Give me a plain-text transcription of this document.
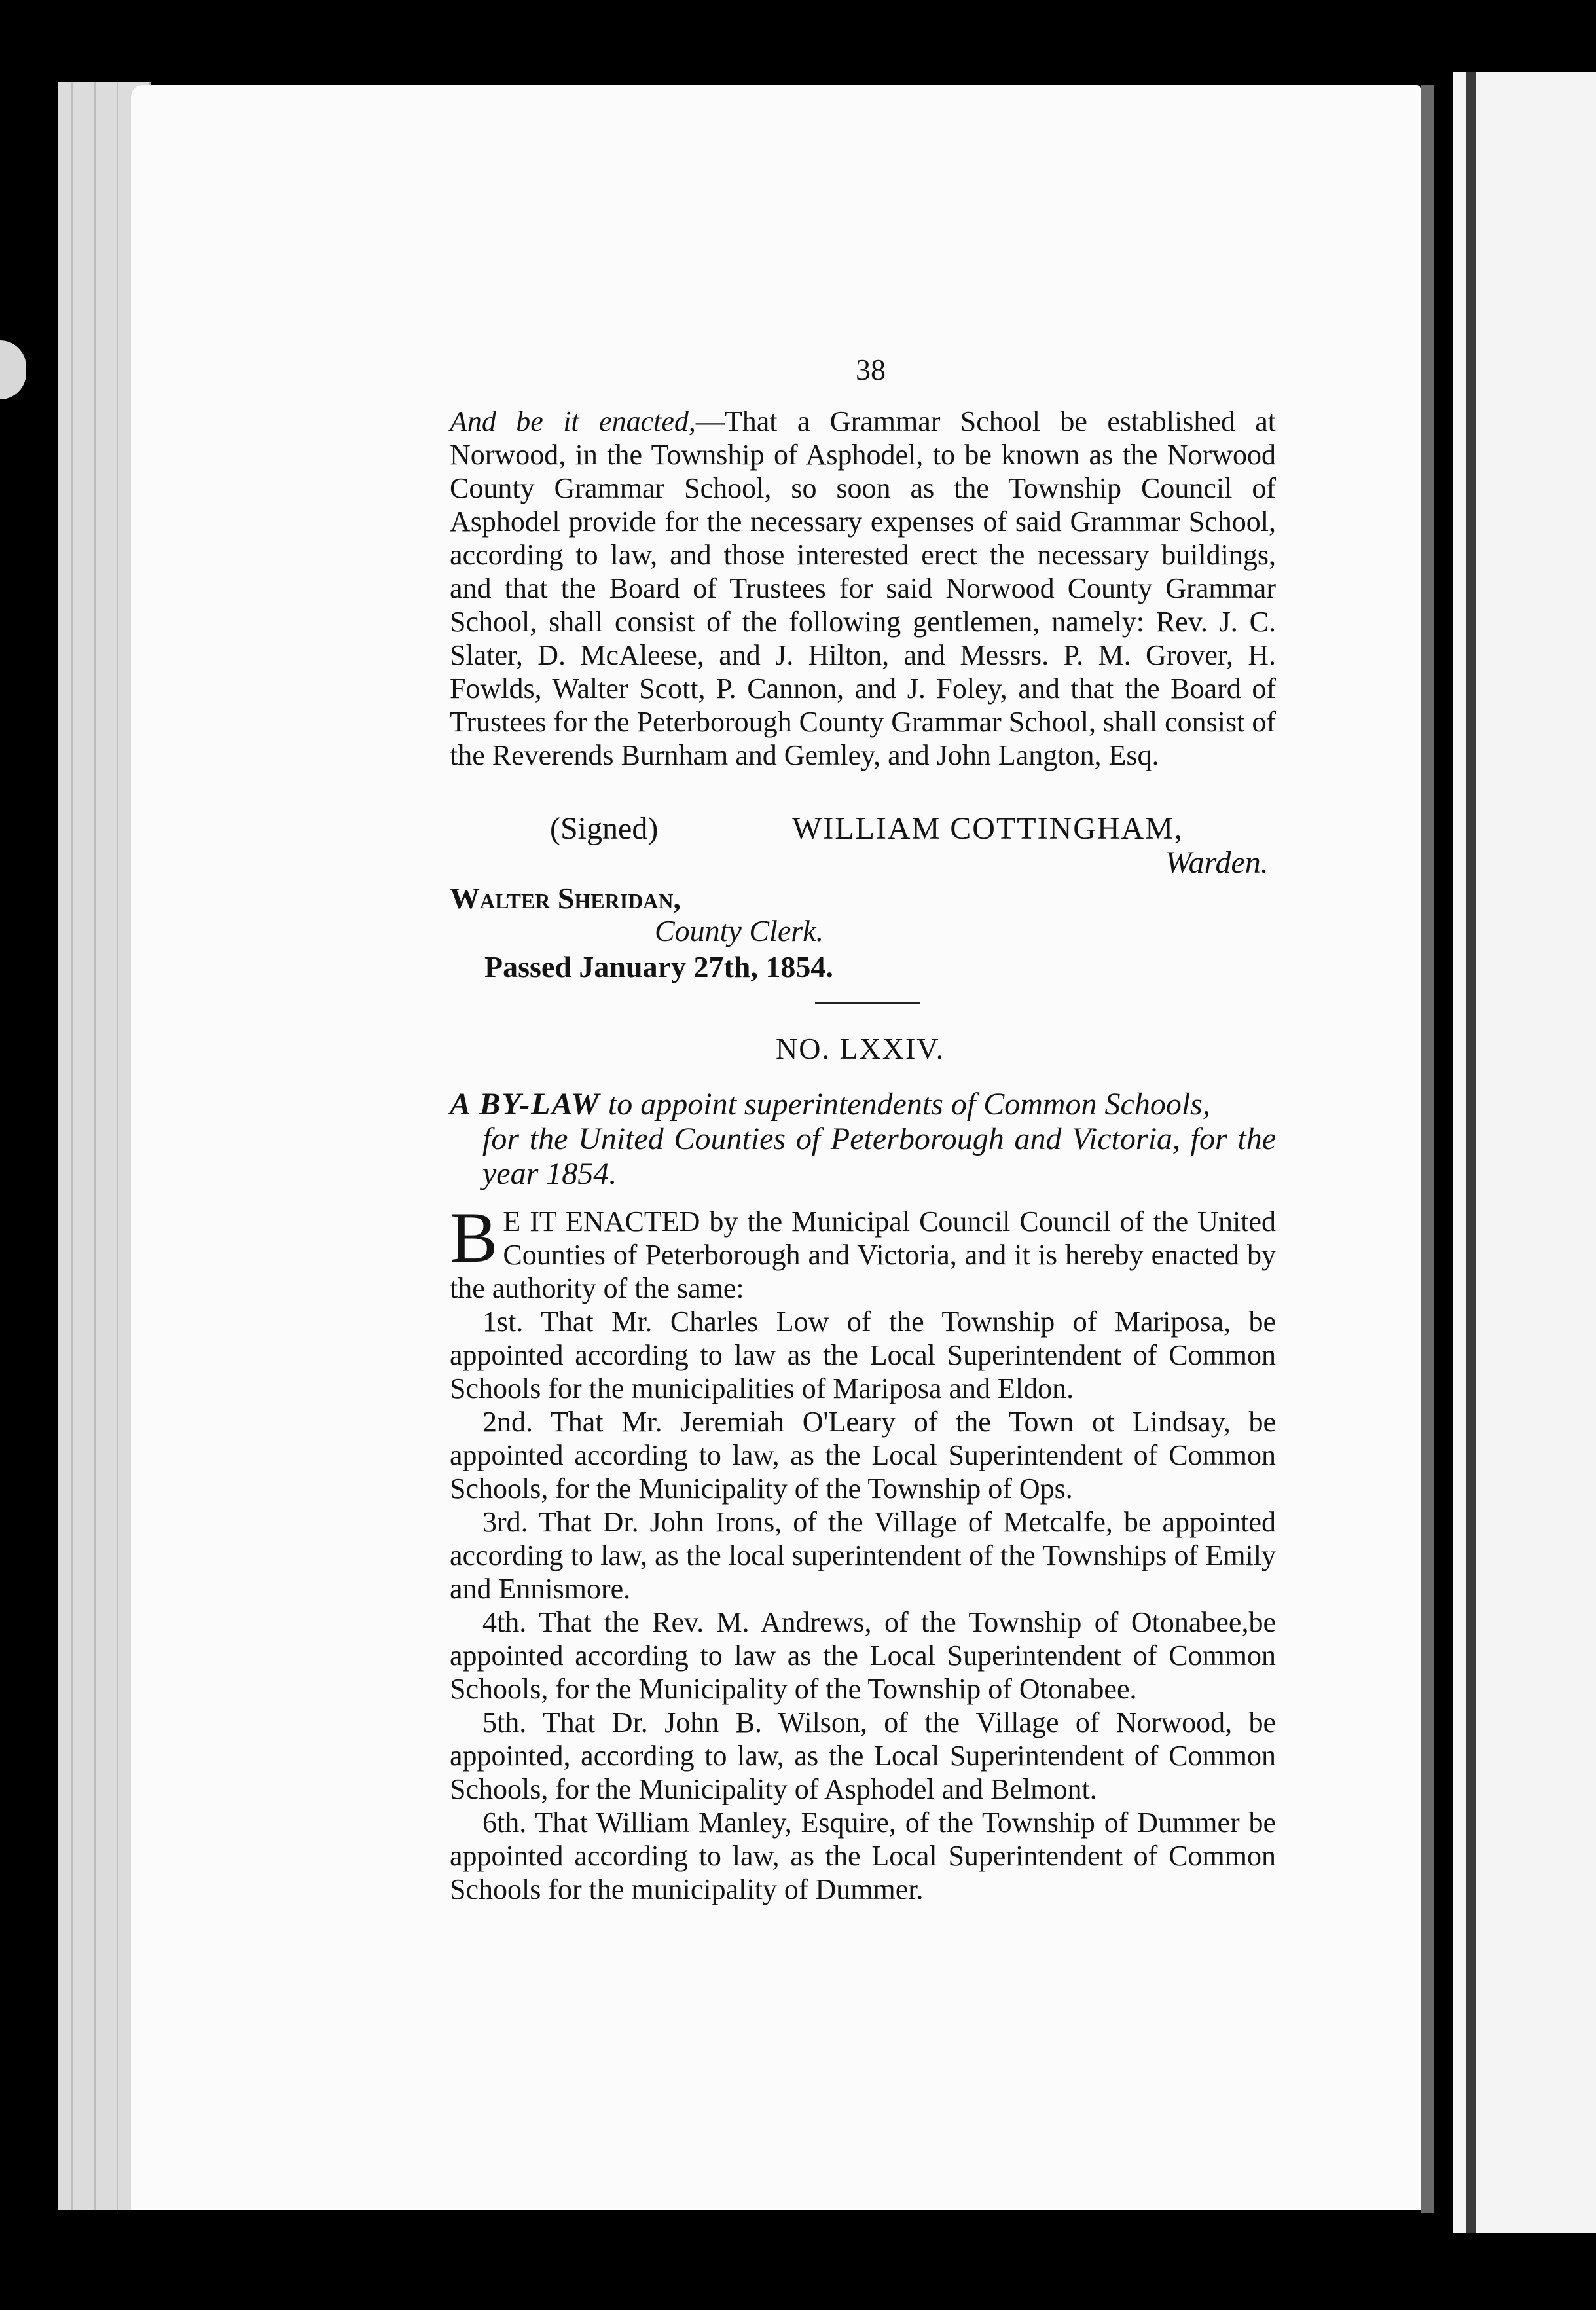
38

And be it enacted,—That a Grammar School be established at Norwood, in the Township of Asphodel, to be known as the Norwood County Grammar School, so soon as the Township Council of Asphodel provide for the necessary expenses of said Grammar School, according to law, and those interested erect the necessary buildings, and that the Board of Trustees for said Norwood County Grammar School, shall consist of the following gentlemen, namely: Rev. J. C. Slater, D. McAleese, and J. Hilton, and Messrs. P. M. Grover, H. Fowlds, Walter Scott, P. Cannon, and J. Foley, and that the Board of Trustees for the Peterborough County Grammar School, shall consist of the Reverends Burnham and Gemley, and John Langton, Esq.

(Signed)	WILLIAM COTTINGHAM,
Warden.
Walter Sheridan,
County Clerk.
Passed January 27th, 1854.
NO. LXXIV.

A BY-LAW to appoint superintendents of Common Schools,
for the United Counties of Peterborough and Victoria, for the year 1854.

BE IT ENACTED by the Municipal Council Council of the United Counties of Peterborough and Victoria, and it is hereby enacted by the authority of the same:

1st. That Mr. Charles Low of the Township of Mariposa, be appointed according to law as the Local Superintendent of Common Schools for the municipalities of Mariposa and Eldon.

2nd. That Mr. Jeremiah O'Leary of the Town ot Lindsay, be appointed according to law, as the Local Superintendent of Common Schools, for the Municipality of the Township of Ops.

3rd. That Dr. John Irons, of the Village of Metcalfe, be appointed according to law, as the local superintendent of the Townships of Emily and Ennismore.

4th. That the Rev. M. Andrews, of the Township of Otonabee,be appointed according to law as the Local Superintendent of Common Schools, for the Municipality of the Township of Otonabee.

5th. That Dr. John B. Wilson, of the Village of Norwood, be appointed, according to law, as the Local Superintendent of Common Schools, for the Municipality of Asphodel and Belmont.

6th. That William Manley, Esquire, of the Township of Dummer be appointed according to law, as the Local Superintendent of Common Schools for the municipality of Dummer.
